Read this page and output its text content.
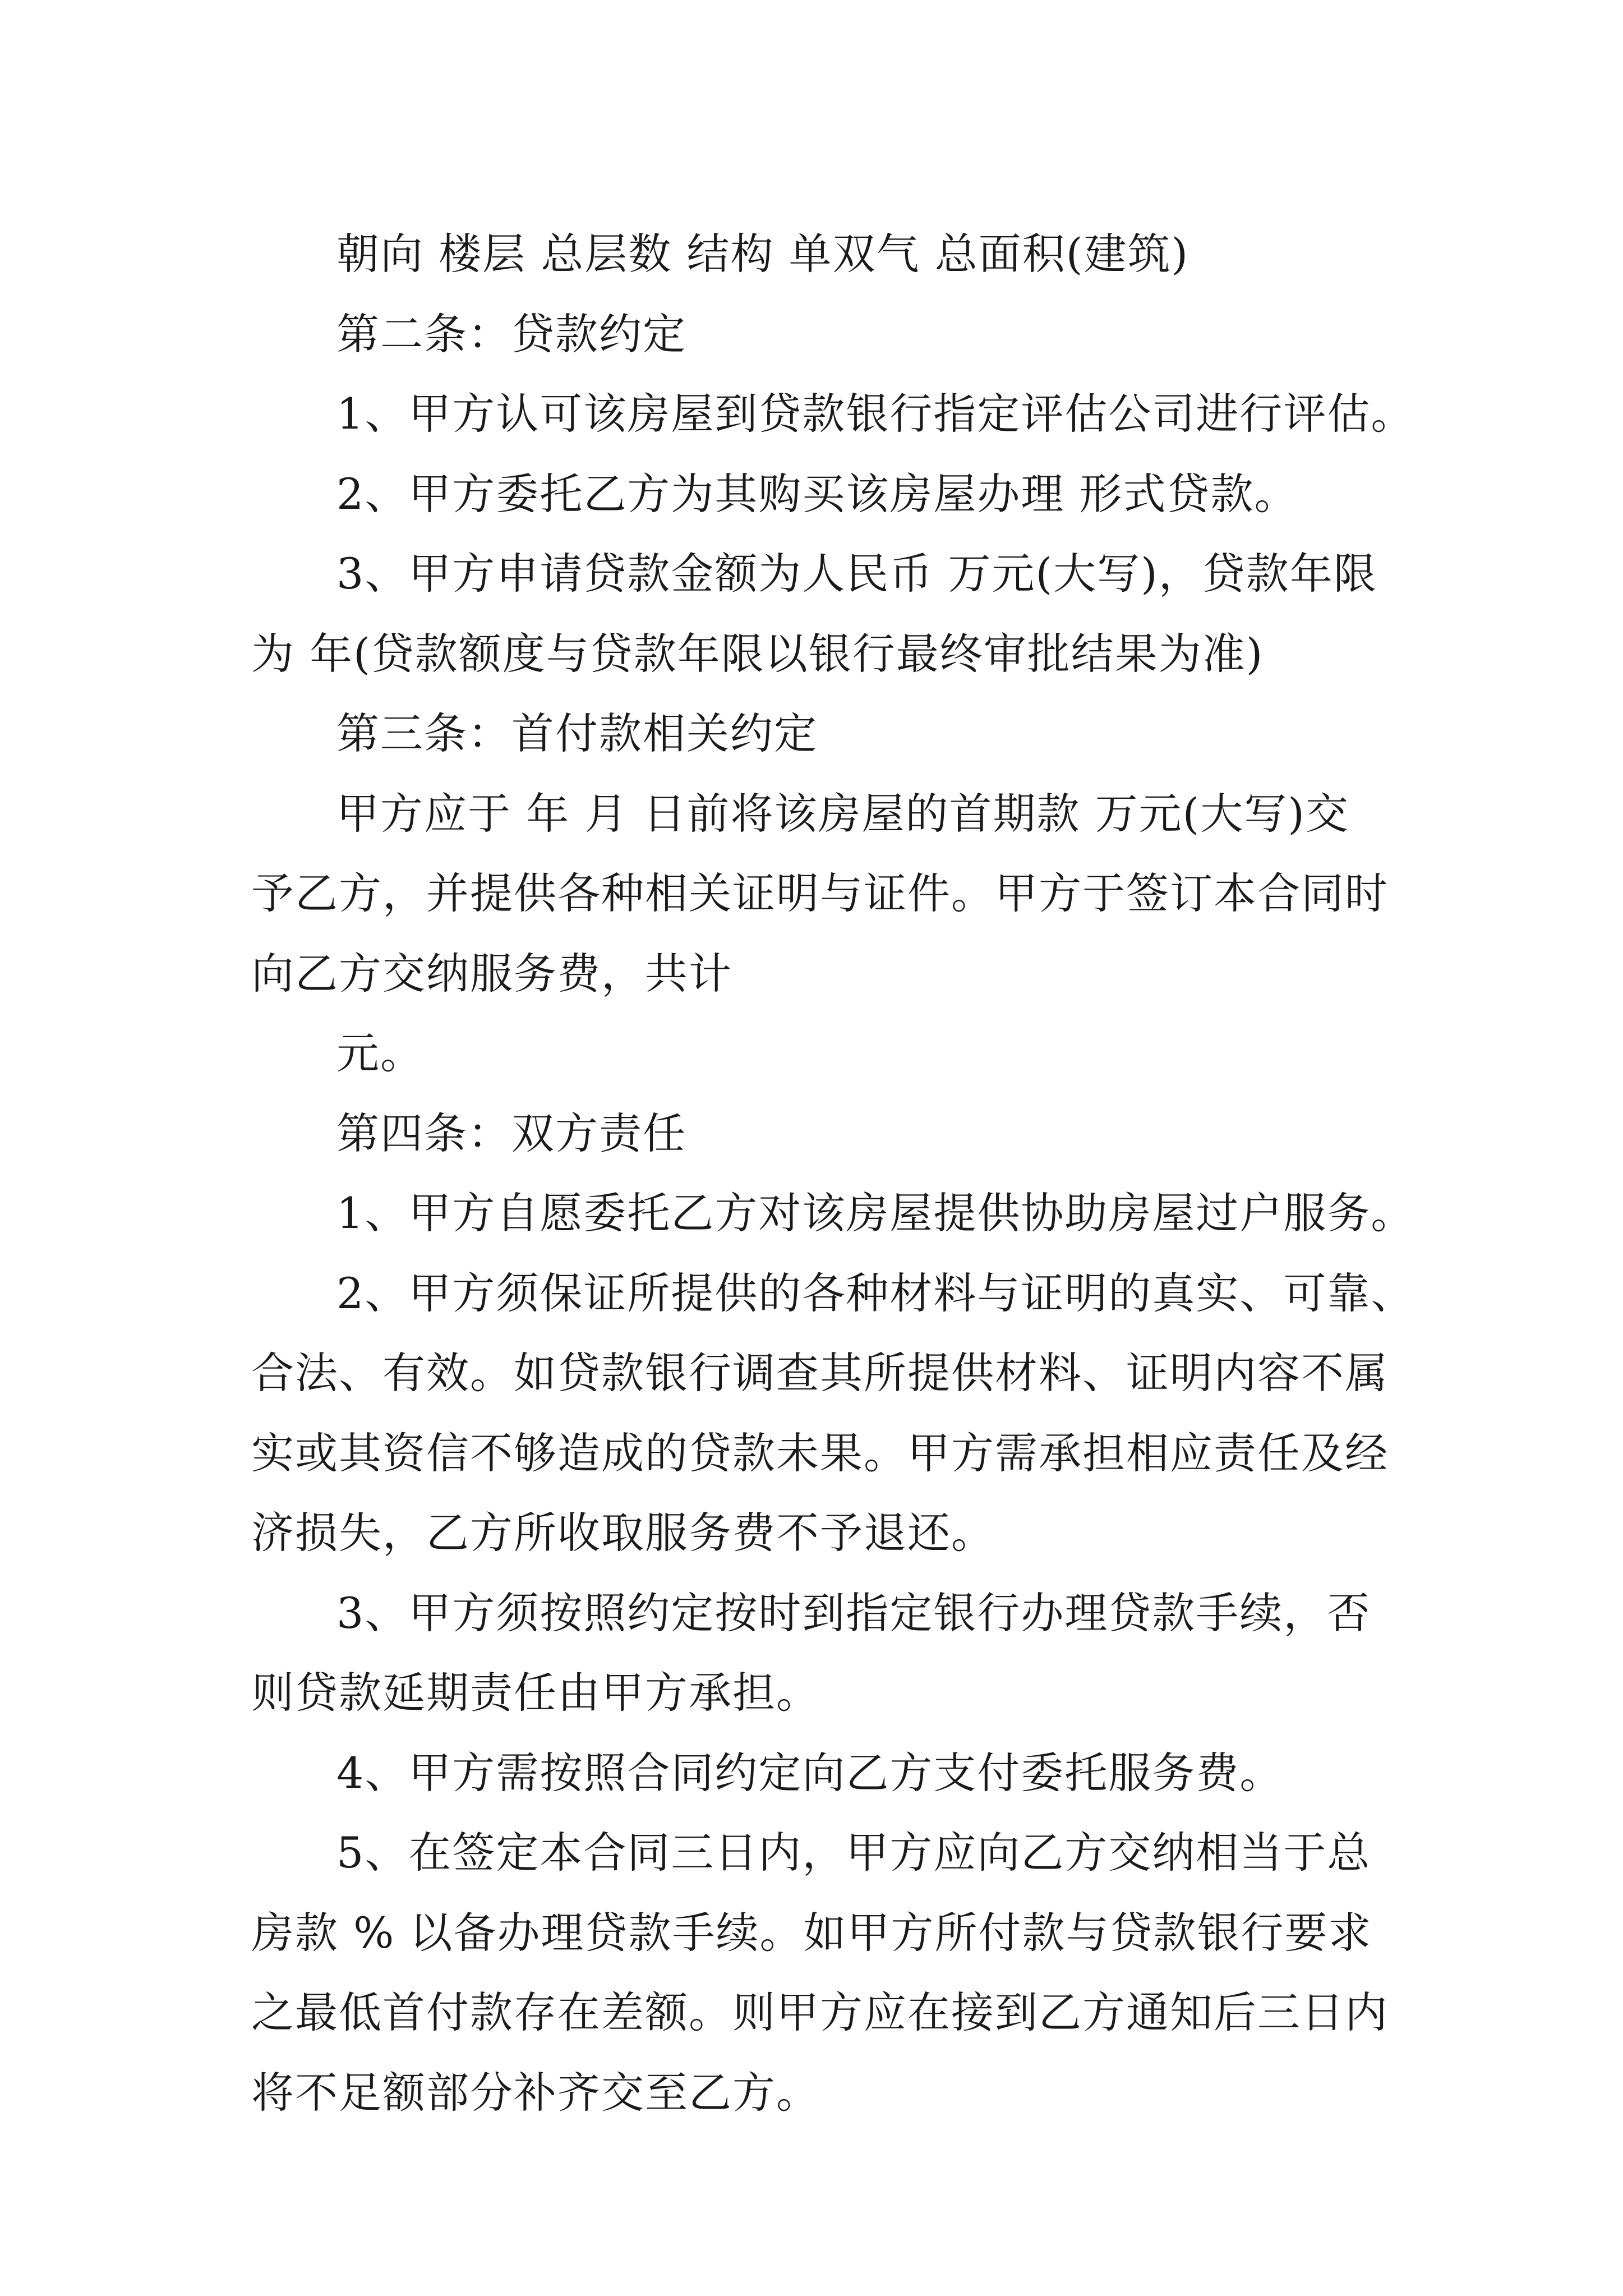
朝向 楼层 总层数 结构 单双气 总面积(建筑)

第二条：贷款约定

1、甲方认可该房屋到贷款银行指定评估公司进行评估。

2、甲方委托乙方为其购买该房屋办理 形式贷款。

3、甲方申请贷款金额为人民币 万元(大写)，贷款年限

为 年(贷款额度与贷款年限以银行最终审批结果为准)

第三条：首付款相关约定

甲方应于 年 月 日前将该房屋的首期款 万元(大写)交

予乙方，并提供各种相关证明与证件。甲方于签订本合同时

向乙方交纳服务费，共计

元。

第四条：双方责任

1、甲方自愿委托乙方对该房屋提供协助房屋过户服务。

2、甲方须保证所提供的各种材料与证明的真实、可靠、

合法、有效。如贷款银行调查其所提供材料、证明内容不属

实或其资信不够造成的贷款未果。甲方需承担相应责任及经

济损失，乙方所收取服务费不予退还。

3、甲方须按照约定按时到指定银行办理贷款手续，否

则贷款延期责任由甲方承担。

4、甲方需按照合同约定向乙方支付委托服务费。

5、在签定本合同三日内，甲方应向乙方交纳相当于总

房款 % 以备办理贷款手续。如甲方所付款与贷款银行要求

之最低首付款存在差额。则甲方应在接到乙方通知后三日内

将不足额部分补齐交至乙方。
